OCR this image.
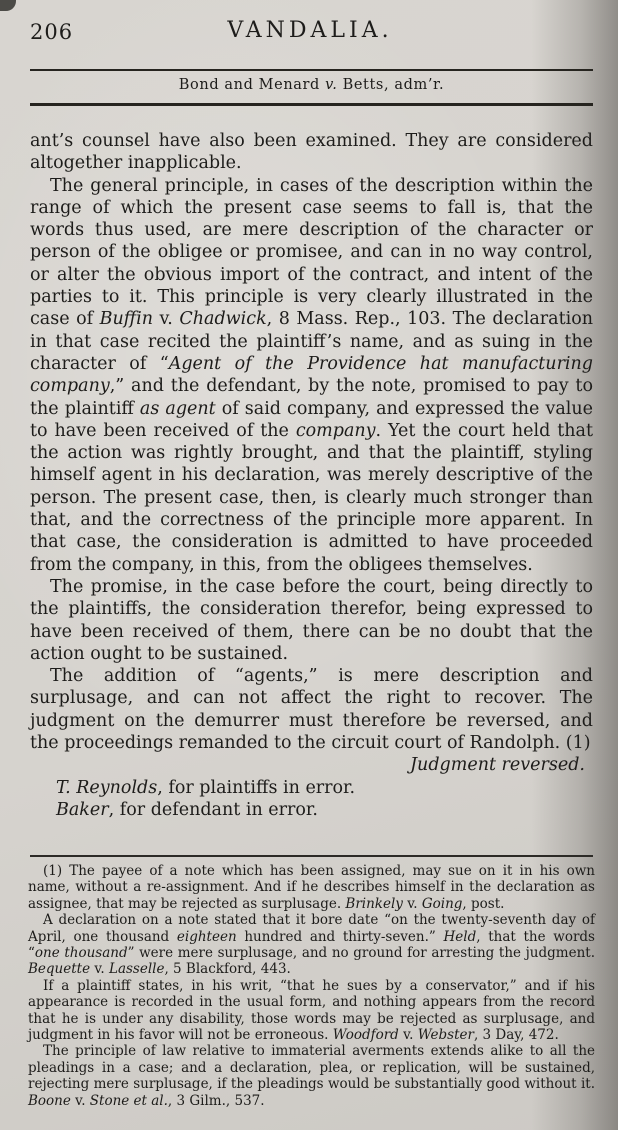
206	VANDALIA.
Bond and Menard v. Betts, adm’r.

ant’s counsel have also been examined. They are considered altogether inapplicable.

The general principle, in cases of the description within the range of which the present case seems to fall is, that the words thus used, are mere description of the character or person of the obligee or promisee, and can in no way control, or alter the obvious import of the contract, and intent of the parties to it. This principle is very clearly illustrated in the case of Buffin v. Chadwick, 8 Mass. Rep., 103. The declaration in that case recited the plaintiff’s name, and as suing in the character of “Agent of the Providence hat manufacturing company,” and the defendant, by the note, promised to pay to the plaintiff as agent of said company, and expressed the value to have been received of the company. Yet the court held that the action was rightly brought, and that the plaintiff, styling himself agent in his declaration, was merely descriptive of the person. The present case, then, is clearly much stronger than that, and the correctness of the principle more apparent. In that case, the consideration is admitted to have proceeded from the company, in this, from the obligees themselves.

The promise, in the case before the court, being directly to the plaintiffs, the consideration therefor, being expressed to have been received of them, there can be no doubt that the action ought to be sustained.

The addition of “agents,” is mere description and surplusage, and can not affect the right to recover. The judgment on the demurrer must therefore be reversed, and the proceedings remanded to the circuit court of Randolph. (1)

Judgment reversed.

T. Reynolds, for plaintiffs in error.

Baker, for defendant in error.

(1) The payee of a note which has been assigned, may sue on it in his own name, without a re-assignment. And if he describes himself in the declaration as assignee, that may be rejected as surplusage. Brinkely v. Going, post.

A declaration on a note stated that it bore date “on the twenty-seventh day of April, one thousand eighteen hundred and thirty-seven.” Held, that the words “one thousand” were mere surplusage, and no ground for arresting the judgment. Bequette v. Lasselle, 5 Blackford, 443.

If a plaintiff states, in his writ, “that he sues by a conservator,” and if his appearance is recorded in the usual form, and nothing appears from the record that he is under any disability, those words may be rejected as surplusage, and judgment in his favor will not be erroneous. Woodford v. Webster, 3 Day, 472.

The principle of law relative to immaterial averments extends alike to all the pleadings in a case; and a declaration, plea, or replication, will be sustained, rejecting mere surplusage, if the pleadings would be substantially good without it. Boone v. Stone et al., 3 Gilm., 537.
